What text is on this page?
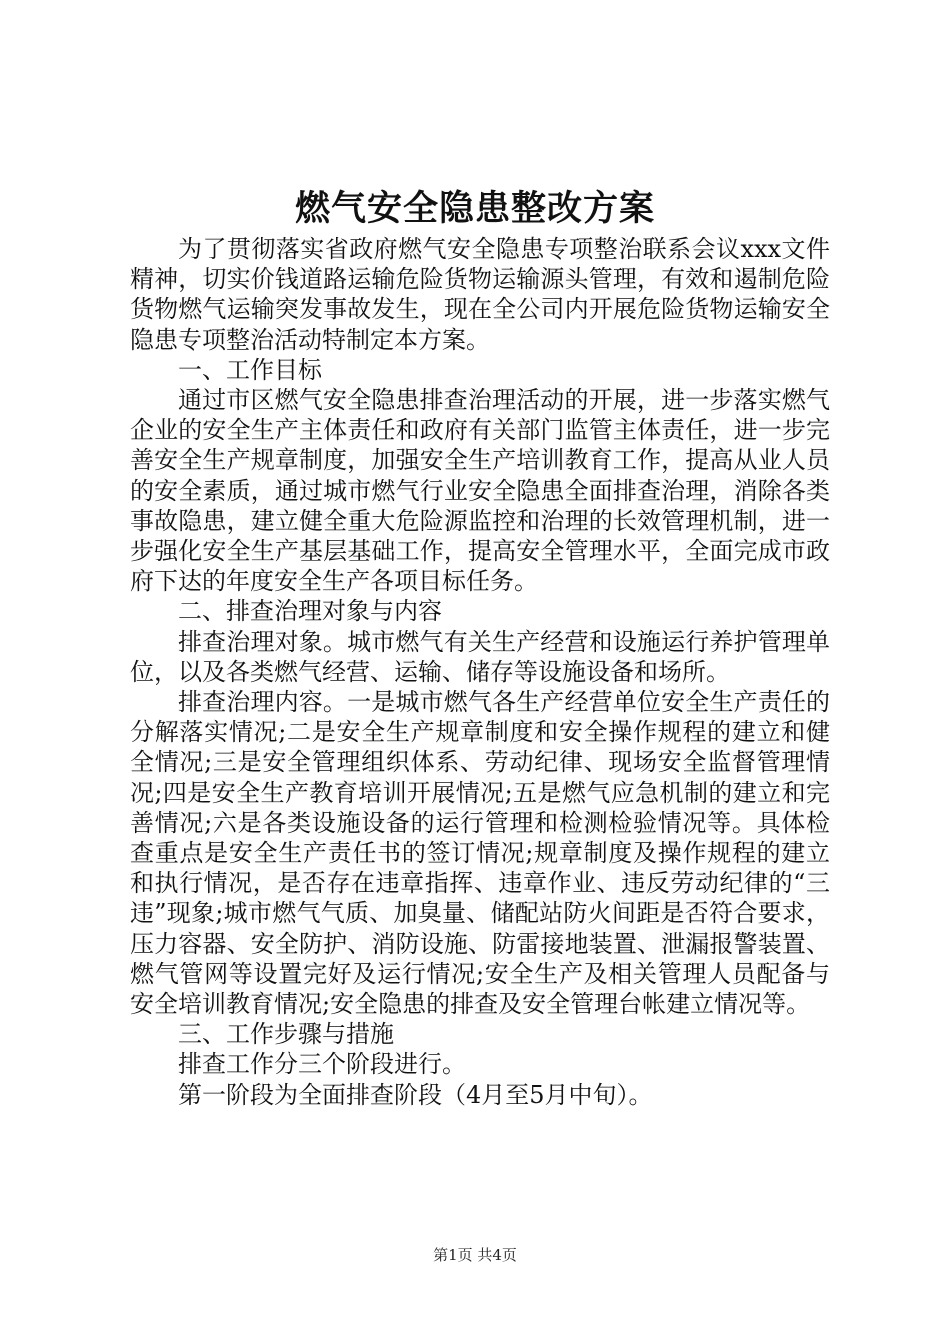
燃气安全隐患整改方案

为了贯彻落实省政府燃气安全隐患专项整治联系会议xxx文件精神，切实价钱道路运输危险货物运输源头管理，有效和遏制危险货物燃气运输突发事故发生，现在全公司内开展危险货物运输安全隐患专项整治活动特制定本方案。

一、工作目标

通过市区燃气安全隐患排查治理活动的开展，进一步落实燃气企业的安全生产主体责任和政府有关部门监管主体责任，进一步完善安全生产规章制度，加强安全生产培训教育工作，提高从业人员的安全素质，通过城市燃气行业安全隐患全面排查治理，消除各类事故隐患，建立健全重大危险源监控和治理的长效管理机制，进一步强化安全生产基层基础工作，提高安全管理水平，全面完成市政府下达的年度安全生产各项目标任务。

二、排查治理对象与内容

排查治理对象。城市燃气有关生产经营和设施运行养护管理单位，以及各类燃气经营、运输、储存等设施设备和场所。

排查治理内容。一是城市燃气各生产经营单位安全生产责任的分解落实情况;二是安全生产规章制度和安全操作规程的建立和健全情况;三是安全管理组织体系、劳动纪律、现场安全监督管理情况;四是安全生产教育培训开展情况;五是燃气应急机制的建立和完善情况;六是各类设施设备的运行管理和检测检验情况等。具体检查重点是安全生产责任书的签订情况;规章制度及操作规程的建立和执行情况，是否存在违章指挥、违章作业、违反劳动纪律的“三违”现象;城市燃气气质、加臭量、储配站防火间距是否符合要求，压力容器、安全防护、消防设施、防雷接地装置、泄漏报警装置、燃气管网等设置完好及运行情况;安全生产及相关管理人员配备与安全培训教育情况;安全隐患的排查及安全管理台帐建立情况等。

三、工作步骤与措施

排查工作分三个阶段进行。

第一阶段为全面排查阶段（4月至5月中旬）。

第1页 共4页
